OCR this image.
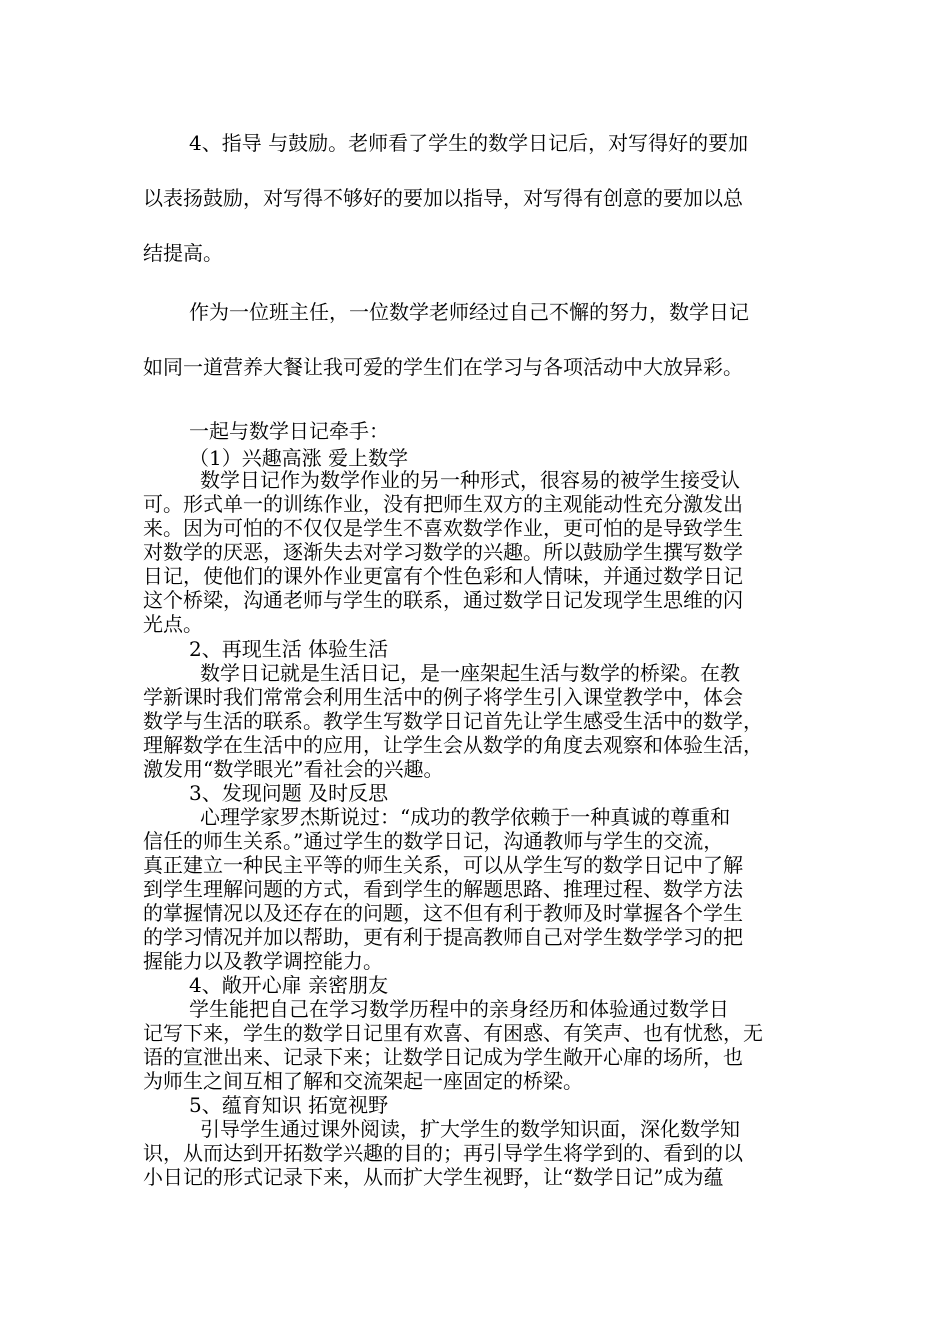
4、指导 与鼓励。老师看了学生的数学日记后，对写得好的要加

以表扬鼓励，对写得不够好的要加以指导，对写得有创意的要加以总

结提高。

作为一位班主任，一位数学老师经过自己不懈的努力，数学日记

如同一道营养大餐让我可爱的学生们在学习与各项活动中大放异彩。

一起与数学日记牵手：

（1）兴趣高涨 爱上数学

数学日记作为数学作业的另一种形式，很容易的被学生接受认

可。形式单一的训练作业，没有把师生双方的主观能动性充分激发出

来。因为可怕的不仅仅是学生不喜欢数学作业，更可怕的是导致学生

对数学的厌恶，逐渐失去对学习数学的兴趣。所以鼓励学生撰写数学

日记，使他们的课外作业更富有个性色彩和人情味，并通过数学日记

这个桥梁，沟通老师与学生的联系，通过数学日记发现学生思维的闪

光点。

2、再现生活 体验生活

数学日记就是生活日记，是一座架起生活与数学的桥梁。在教

学新课时我们常常会利用生活中的例子将学生引入课堂教学中，体会

数学与生活的联系。教学生写数学日记首先让学生感受生活中的数学，

理解数学在生活中的应用，让学生会从数学的角度去观察和体验生活，

激发用“数学眼光”看社会的兴趣。

3、发现问题 及时反思

心理学家罗杰斯说过：“成功的教学依赖于一种真诚的尊重和

信任的师生关系。”通过学生的数学日记，沟通教师与学生的交流，

真正建立一种民主平等的师生关系，可以从学生写的数学日记中了解

到学生理解问题的方式，看到学生的解题思路、推理过程、数学方法

的掌握情况以及还存在的问题，这不但有利于教师及时掌握各个学生

的学习情况并加以帮助，更有利于提高教师自己对学生数学学习的把

握能力以及教学调控能力。

4、敞开心扉 亲密朋友

学生能把自己在学习数学历程中的亲身经历和体验通过数学日

记写下来，学生的数学日记里有欢喜、有困惑、有笑声、也有忧愁，无

语的宣泄出来、记录下来；让数学日记成为学生敞开心扉的场所，也

为师生之间互相了解和交流架起一座固定的桥梁。

5、蕴育知识 拓宽视野

引导学生通过课外阅读，扩大学生的数学知识面，深化数学知

识，从而达到开拓数学兴趣的目的；再引导学生将学到的、看到的以

小日记的形式记录下来，从而扩大学生视野，让“数学日记”成为蕴
